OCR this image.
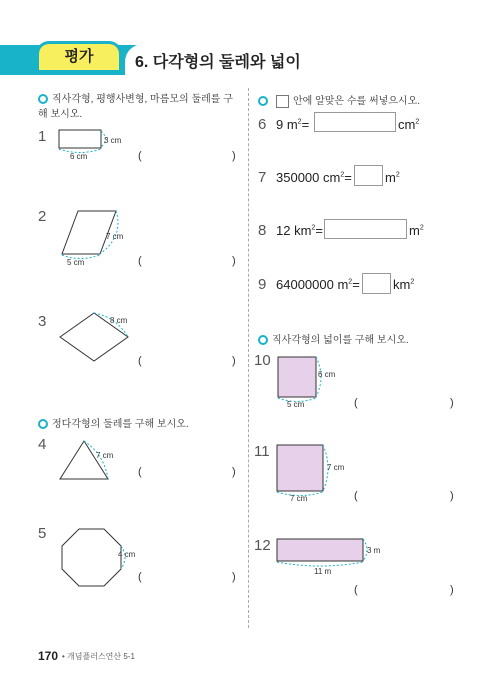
평가	6. 다각형의 둘레와 넓이
직사각형, 평행사변형, 마름모의 둘레를 구해 보시오.
1	3 cm
6 cm	(	)
2
7 cm
5 cm	(	)
3	8 cm
(	)
정다각형의 둘레를 구해 보시오.
4
7 cm
(	)
5
4 cm
(	)
안에 알맞은 수를 써넣으시오.
6 9 $m^2=$	$cm^2$
7 350000 $cm^2=$	$m^2$
8 12 $km^2=$	$m^2$
9 64000000 $m^2=$	$km^2$
직사각형의 넓이를 구해 보시오.
10
6 cm
5 cm	(	)
11
7 cm
7 cm	(	)
12	3 m
11 m
(	)
170 • 개념플러스연산 5-1
